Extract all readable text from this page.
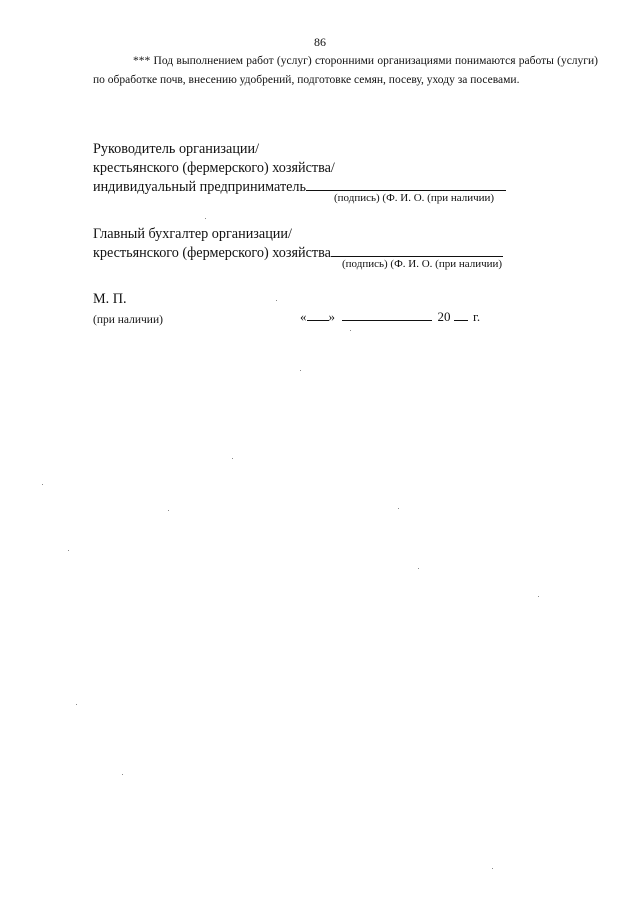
86
*** Под выполнением работ (услуг) сторонними организациями понимаются работы (услуги) по обработке почв, внесению удобрений, подготовке семян, посеву, уходу за посевами.
Руководитель организации/
крестьянского (фермерского) хозяйства/
индивидуальный предприниматель
(подпись) (Ф. И. О. (при наличии)
Главный бухгалтер организации/
крестьянского (фермерского) хозяйства
(подпись) (Ф. И. О. (при наличии)
М. П.
(при наличии)	« »	20 г.
